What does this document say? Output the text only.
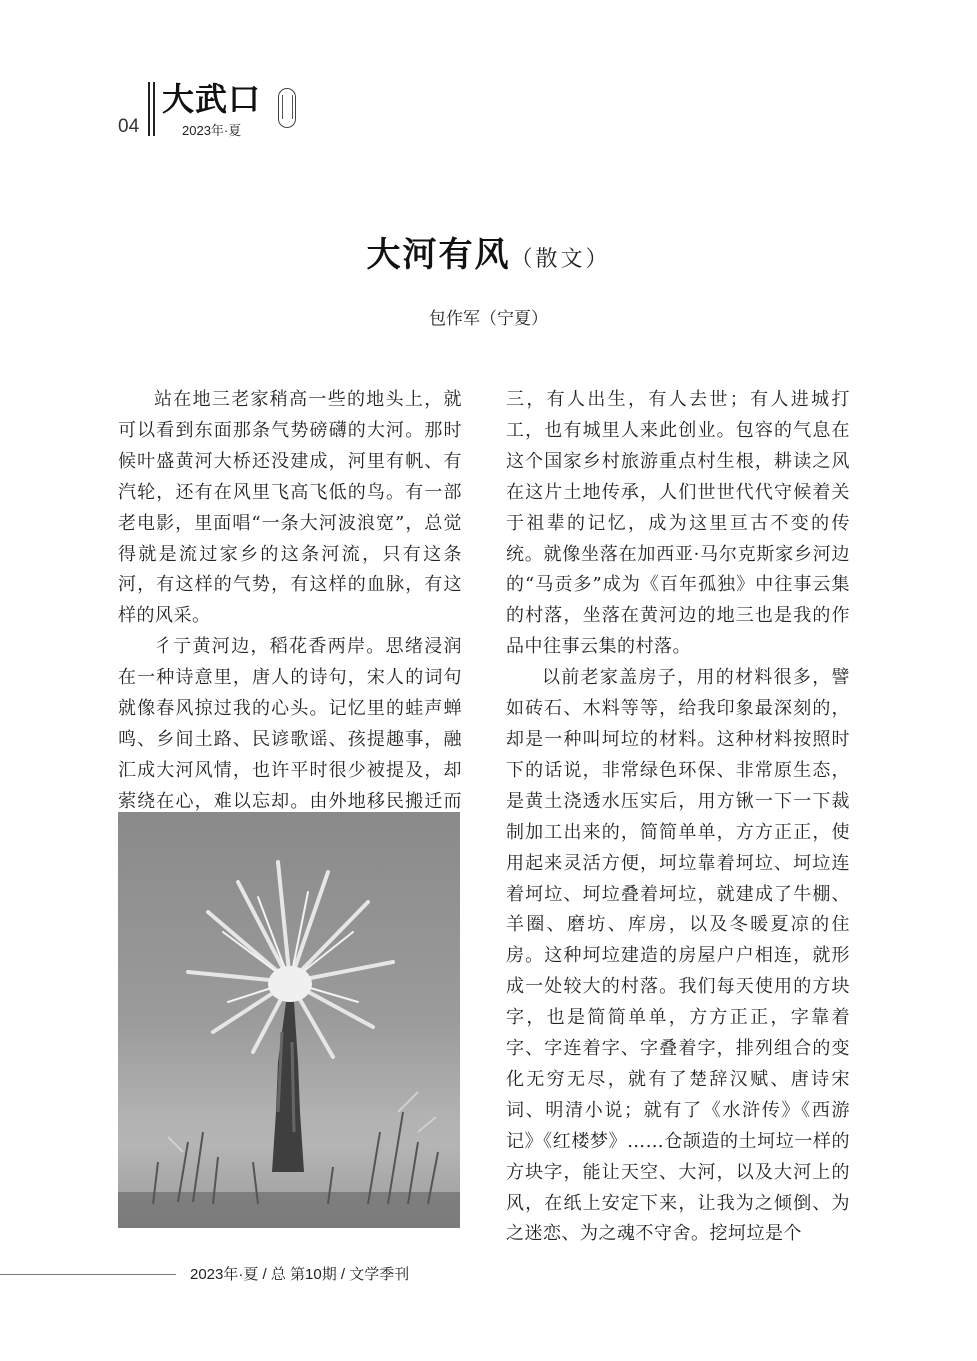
04
大武口
2023年·夏
大河有风（散文）
包作军（宁夏）

站在地三老家稍高一些的地头上，就可以看到东面那条气势磅礴的大河。那时候叶盛黄河大桥还没建成，河里有帆、有汽轮，还有在风里飞高飞低的鸟。有一部老电影，里面唱“一条大河波浪宽”，总觉得就是流过家乡的这条河流，只有这条河，有这样的气势，有这样的血脉，有这样的风采。

彳亍黄河边，稻花香两岸。思绪浸润在一种诗意里，唐人的诗句，宋人的词句就像春风掠过我的心头。记忆里的蛙声蝉鸣、乡间土路、民谚歌谣、孩提趣事，融汇成大河风情，也许平时很少被提及，却萦绕在心，难以忘却。由外地移民搬迁而

三，有人出生，有人去世；有人进城打工，也有城里人来此创业。包容的气息在这个国家乡村旅游重点村生根，耕读之风在这片土地传承，人们世世代代守候着关于祖辈的记忆，成为这里亘古不变的传统。就像坐落在加西亚·马尔克斯家乡河边的“马贡多”成为《百年孤独》中往事云集的村落，坐落在黄河边的地三也是我的作品中往事云集的村落。

以前老家盖房子，用的材料很多，譬如砖石、木料等等，给我印象最深刻的，却是一种叫坷垃的材料。这种材料按照时下的话说，非常绿色环保、非常原生态，是黄土浇透水压实后，用方锹一下一下裁制加工出来的，简简单单，方方正正，使用起来灵活方便，坷垃靠着坷垃、坷垃连着坷垃、坷垃叠着坷垃，就建成了牛棚、羊圈、磨坊、库房，以及冬暖夏凉的住房。这种坷垃建造的房屋户户相连，就形成一处较大的村落。我们每天使用的方块字，也是简简单单，方方正正，字靠着字、字连着字、字叠着字，排列组合的变化无穷无尽，就有了楚辞汉赋、唐诗宋词、明清小说；就有了《水浒传》《西游记》《红楼梦》……仓颉造的土坷垃一样的方块字，能让天空、大河，以及大河上的风，在纸上安定下来，让我为之倾倒、为之迷恋、为之魂不守舍。挖坷垃是个

2023年·夏 / 总 第10期 / 文学季刊
